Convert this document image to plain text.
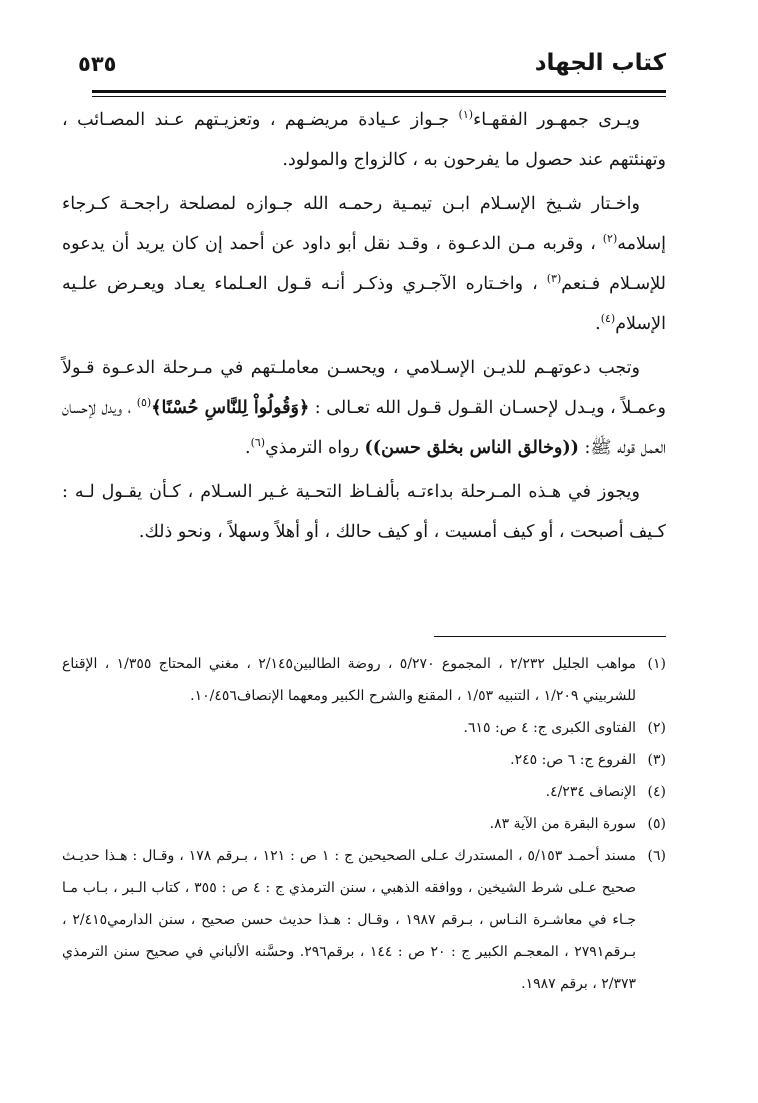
كتاب الجهاد
٥٣٥

ويـرى جمهـور الفقهـاء$^{(١)}$ جـواز عـيادة مريضـهم ، وتعزيـتهم عـند المصـائب ، وتهنئتهم عند حصول ما يفرحون به ، كالزواج والمولود.

واخـتار شـيخ الإسـلام ابـن تيمـية رحمـه الله جـوازه لمصلحة راجحـة كـرجاء إسلامه$^{(٢)}$ ، وقربه مـن الدعـوة ، وقـد نقل أبو داود عن أحمد إن كان يريد أن يدعوه للإسـلام فـنعم$^{(٣)}$ ، واخـتاره الآجـري وذكـر أنـه قـول العـلماء يعـاد ويعـرض علـيه الإسلام$^{(٤)}$.

وتجب دعوتهـم للديـن الإسـلامي ، ويحسـن معاملـتهم في مـرحلة الدعـوة قـولاً وعمـلاً ، ويـدل لإحسـان القـول قـول الله تعـالى : ﴿وَقُولُواْ لِلنَّاسِ حُسْنًا﴾$^{(٥)}$ ، ويدل لإحسان العمل قوله ﷺ: ((وخالق الناس بخلق حسن)) رواه الترمذي$^{(٦)}$.

ويجوز في هـذه المـرحلة بداءتـه بألفـاظ التحـية غـير السـلام ، كـأن يقـول لـه : كـيف أصبحت ، أو كيف أمسيت ، أو كيف حالك ، أو أهلاً وسهلاً ، ونحو ذلك.

(١)
مواهب الجليل ٢/٢٣٢ ، المجموع ٥/٢٧٠ ، روضة الطالبين٢/١٤٥ ، مغني المحتاج ١/٣٥٥ ، الإقناع للشربيني ١/٢٠٩ ، التنبيه ١/٥٣ ، المقنع والشرح الكبير ومعهما الإنصاف١٠/٤٥٦.

(٢)
الفتاوى الكبرى ج: ٤ ص: ٦١٥.

(٣)
الفروع ج: ٦ ص: ٢٤٥.

(٤)
الإنصاف ٤/٢٣٤.

(٥)
سورة البقرة من الآية ٨٣.

(٦)
مسند أحمـد ٥/١٥٣ ، المستدرك عـلى الصحيحين ج : ١ ص : ١٢١ ، بـرقم ١٧٨ ، وقـال : هـذا حديـث صحيح عـلى شرط الشيخين ، ووافقه الذهبي ، سنن الترمذي ج : ٤ ص : ٣٥٥ ، كتاب الـبر ، بـاب مـا جـاء في معاشـرة النـاس ، بـرقم ١٩٨٧ ، وقـال : هـذا حديث حسن صحيح ، سنن الدارمي٢/٤١٥ ، بـرقم٢٧٩١ ، المعجـم الكبير ج : ٢٠ ص : ١٤٤ ، برقم٢٩٦. وحسَّنه الألباني في صحيح سنن الترمذي ٢/٣٧٣ ، برقم ١٩٨٧.
